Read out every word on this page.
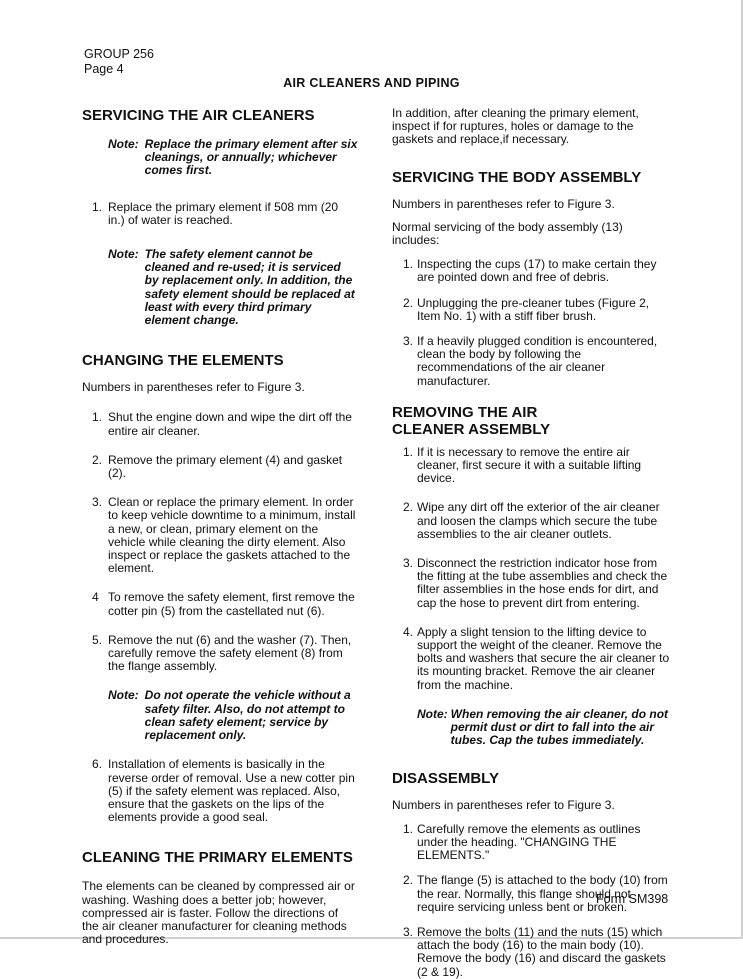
GROUP 256
Page 4
AIR CLEANERS AND PIPING
SERVICING THE AIR CLEANERS
Note: Replace the primary element after six cleanings, or annually; whichever comes first.
1. Replace the primary element if 508 mm (20 in.) of water is reached.
Note: The safety element cannot be cleaned and re-used; it is serviced by replacement only. In addition, the safety element should be replaced at least with every third primary element change.
CHANGING THE ELEMENTS

Numbers in parentheses refer to Figure 3.

1. Shut the engine down and wipe the dirt off the entire air cleaner.
2. Remove the primary element (4) and gasket (2).
3. Clean or replace the primary element. In order to keep vehicle downtime to a minimum, install a new, or clean, primary element on the vehicle while cleaning the dirty element. Also inspect or replace the gaskets attached to the element.
4 To remove the safety element, first remove the cotter pin (5) from the castellated nut (6).
5. Remove the nut (6) and the washer (7). Then, carefully remove the safety element (8) from the flange assembly.
Note: Do not operate the vehicle without a safety filter. Also, do not attempt to clean safety element; service by replacement only.
6. Installation of elements is basically in the reverse order of removal. Use a new cotter pin (5) if the safety element was replaced. Also, ensure that the gaskets on the lips of the elements provide a good seal.
CLEANING THE PRIMARY ELEMENTS

The elements can be cleaned by compressed air or washing. Washing does a better job; however, compressed air is faster. Follow the directions of the air cleaner manufacturer for cleaning methods and procedures.

In addition, after cleaning the primary element, inspect if for ruptures, holes or damage to the gaskets and replace,if necessary.

SERVICING THE BODY ASSEMBLY

Numbers in parentheses refer to Figure 3.

Normal servicing of the body assembly (13) includes:

1. Inspecting the cups (17) to make certain they are pointed down and free of debris.
2. Unplugging the pre-cleaner tubes (Figure 2, Item No. 1) with a stiff fiber brush.
3. If a heavily plugged condition is encountered, clean the body by following the recommendations of the air cleaner manufacturer.
REMOVING THE AIR
CLEANER ASSEMBLY
1. If it is necessary to remove the entire air cleaner, first secure it with a suitable lifting device.
2. Wipe any dirt off the exterior of the air cleaner and loosen the clamps which secure the tube assemblies to the air cleaner outlets.
3. Disconnect the restriction indicator hose from the fitting at the tube assemblies and check the filter assemblies in the hose ends for dirt, and cap the hose to prevent dirt from entering.
4. Apply a slight tension to the lifting device to support the weight of the cleaner. Remove the bolts and washers that secure the air cleaner to its mounting bracket. Remove the air cleaner from the machine.
Note: When removing the air cleaner, do not permit dust or dirt to fall into the air tubes. Cap the tubes immediately.
DISASSEMBLY

Numbers in parentheses refer to Figure 3.

1. Carefully remove the elements as outlines under the heading. "CHANGING THE ELEMENTS."
2. The flange (5) is attached to the body (10) from the rear. Normally, this flange should not require servicing unless bent or broken.
3. Remove the bolts (11) and the nuts (15) which attach the body (16) to the main body (10). Remove the body (16) and discard the gaskets (2 & 19).
Form SM398
